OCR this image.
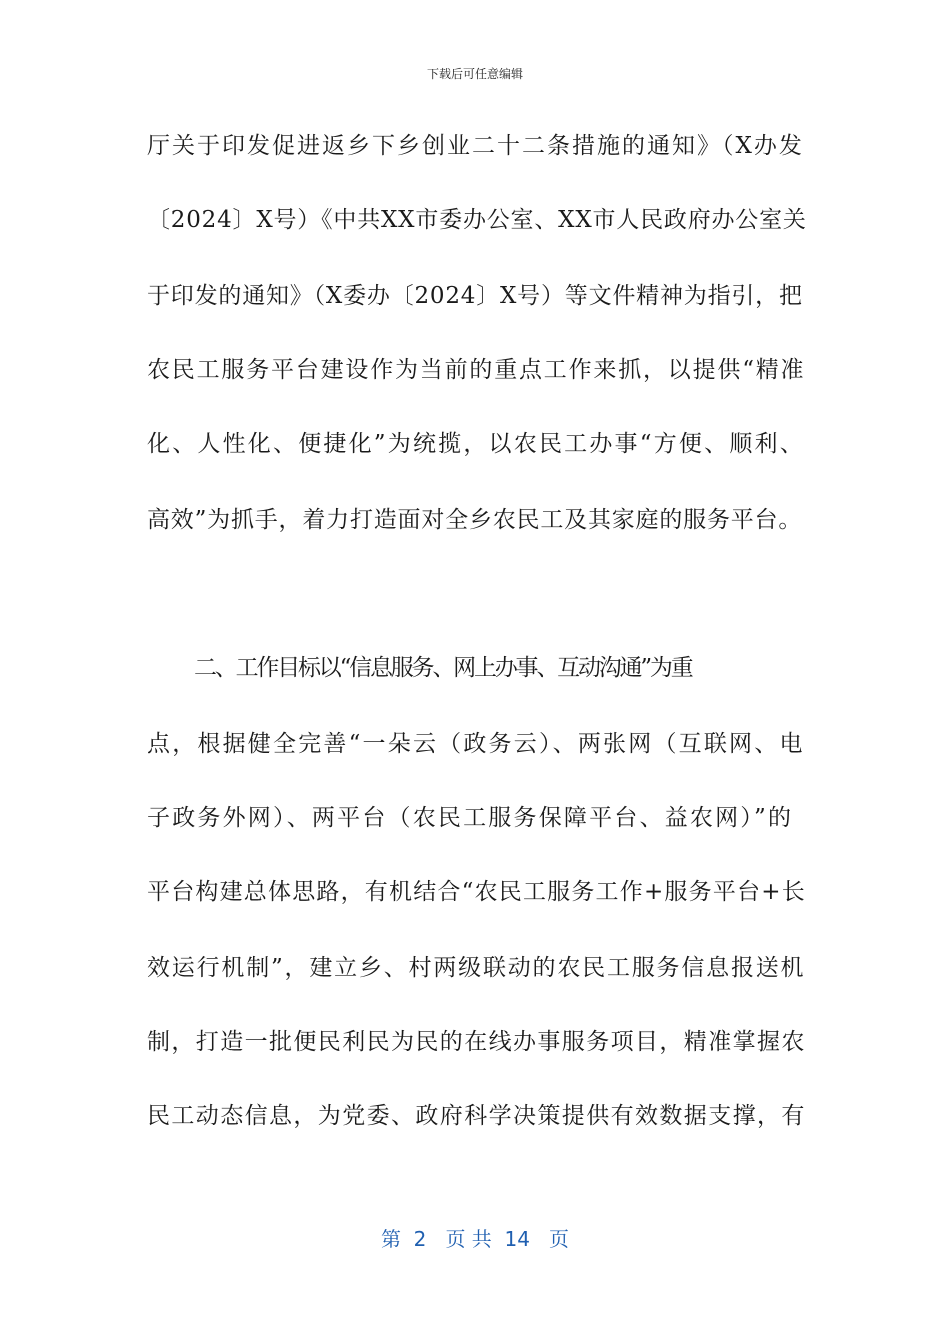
下载后可任意编辑
厅关于印发促进返乡下乡创业二十二条措施的通知》（X办发
〔2024〕X号）《中共XX市委办公室、XX市人民政府办公室关
于印发的通知》（X委办〔2024〕X号）等文件精神为指引，把
农民工服务平台建设作为当前的重点工作来抓，以提供“精准
化、人性化、便捷化”为统揽，以农民工办事“方便、顺利、
高效”为抓手，着力打造面对全乡农民工及其家庭的服务平台。
二、工作目标以“信息服务、网上办事、互动沟通”为重
点，根据健全完善“一朵云（政务云）、两张网（互联网、电
子政务外网）、两平台（农民工服务保障平台、益农网）”的
平台构建总体思路，有机结合“农民工服务工作+服务平台+长
效运行机制”，建立乡、村两级联动的农民工服务信息报送机
制，打造一批便民利民为民的在线办事服务项目，精准掌握农
民工动态信息，为党委、政府科学决策提供有效数据支撑，有
第  2   页 共  14   页
